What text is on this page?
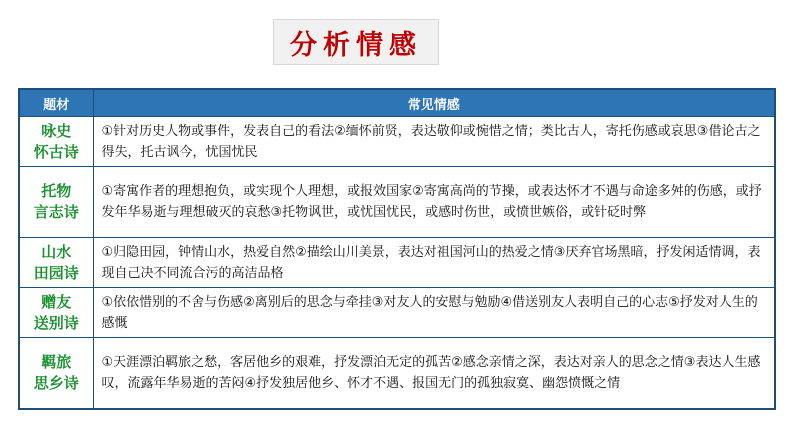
分析情感
题材	常见情感
咏史
怀古诗	①针对历史人物或事件，发表自己的看法②缅怀前贤，表达敬仰或惋惜之情；类比古人，寄托伤感或哀思③借论古之得失，托古讽今，忧国忧民
托物
言志诗	①寄寓作者的理想抱负，或实现个人理想，或报效国家②寄寓高尚的节操，或表达怀才不遇与命途多舛的伤感，或抒发年华易逝与理想破灭的哀愁③托物讽世，或忧国忧民，或感时伤世，或愤世嫉俗，或针砭时弊
山水
田园诗	①归隐田园，钟情山水，热爱自然②描绘山川美景，表达对祖国河山的热爱之情③厌弃官场黑暗，抒发闲适情调，表现自己决不同流合污的高洁品格
赠友
送别诗	①依依惜别的不舍与伤感②离别后的思念与牵挂③对友人的安慰与勉励④借送别友人表明自己的心志⑤抒发对人生的感慨
羁旅
思乡诗	①天涯漂泊羁旅之愁，客居他乡的艰难，抒发漂泊无定的孤苦②感念亲情之深，表达对亲人的思念之情③表达人生感叹，流露年华易逝的苦闷④抒发独居他乡、怀才不遇、报国无门的孤独寂寞、幽怨愤慨之情
